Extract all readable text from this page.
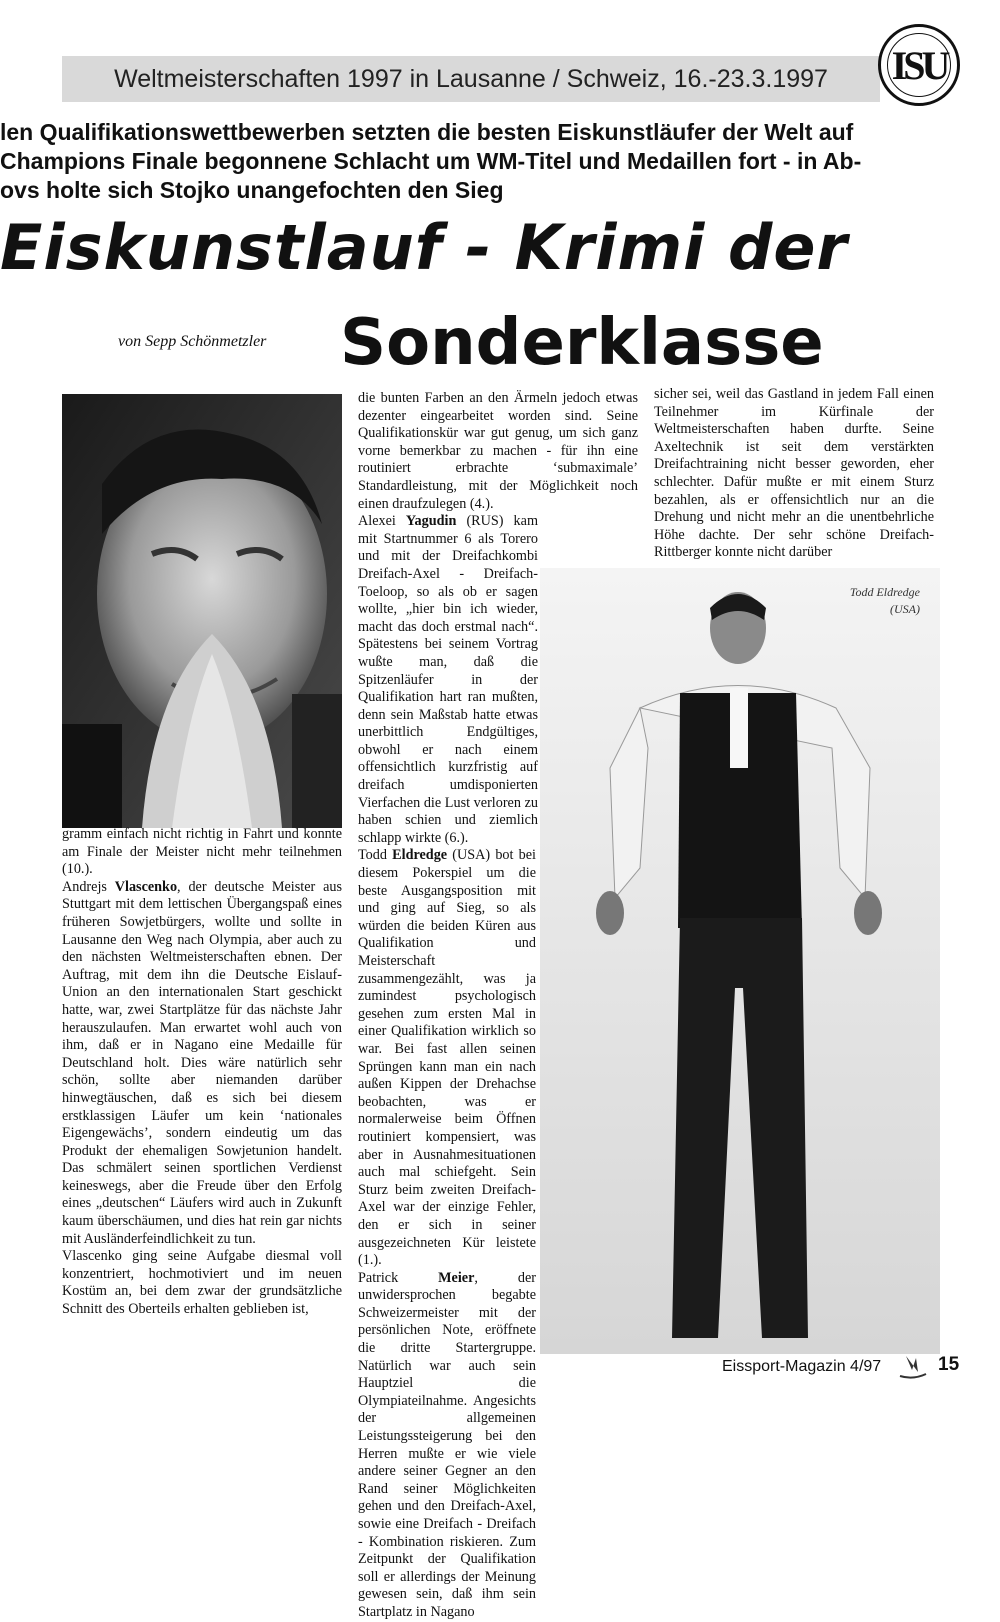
Weltmeisterschaften 1997 in Lausanne / Schweiz, 16.-23.3.1997	ISU
len Qualifikationswettbewerben setzten die besten Eiskunstläufer der Welt auf
Champions Finale begonnene Schlacht um WM-Titel und Medaillen fort - in Ab-
ovs holte sich Stojko unangefochten den Sieg
Eiskunstlauf - Krimi der
Sonderklasse
von Sepp Schönmetzler
Todd Eldredge
(USA)

gramm einfach nicht richtig in Fahrt und konnte am Finale der Meister nicht mehr teilnehmen (10.).

Andrejs Vlascenko, der deutsche Meister aus Stuttgart mit dem lettischen Übergangspaß eines früheren Sowjetbürgers, wollte und sollte in Lausanne den Weg nach Olympia, aber auch zu den nächsten Weltmeisterschaften ebnen. Der Auftrag, mit dem ihn die Deutsche Eislauf-Union an den internationalen Start geschickt hatte, war, zwei Startplätze für das nächste Jahr herauszulaufen. Man erwartet wohl auch von ihm, daß er in Nagano eine Medaille für Deutschland holt. Dies wäre natürlich sehr schön, sollte aber niemanden darüber hinwegtäuschen, daß es sich bei diesem erstklassigen Läufer um kein ‘nationales Eigengewächs’, sondern eindeutig um das Produkt der ehemaligen Sowjetunion handelt. Das schmälert seinen sportlichen Verdienst keineswegs, aber die Freude über den Erfolg eines „deutschen“ Läufers wird auch in Zukunft kaum überschäumen, und dies hat rein gar nichts mit Ausländerfeindlichkeit zu tun.

Vlascenko ging seine Aufgabe diesmal voll konzentriert, hochmotiviert und im neuen Kostüm an, bei dem zwar der grundsätzliche Schnitt des Oberteils erhalten geblieben ist,

die bunten Farben an den Ärmeln jedoch etwas dezenter eingearbeitet worden sind. Seine Qualifikationskür war gut genug, um sich ganz vorne bemerkbar zu machen - für ihn eine routiniert erbrachte ‘submaximale’ Standardleistung, mit der Möglichkeit noch einen draufzulegen (4.).

Alexei Yagudin (RUS) kam mit Startnummer 6 als Torero und mit der Dreifachkombi Dreifach-Axel - Dreifach-Toeloop, so als ob er sagen wollte, „hier bin ich wieder, macht das doch erstmal nach“. Spätestens bei seinem Vortrag wußte man, daß die Spitzenläufer in der Qualifikation hart ran mußten, denn sein Maßstab hatte etwas unerbittlich Endgültiges, obwohl er nach einem offensichtlich kurzfristig auf dreifach umdisponierten Vierfachen die Lust verloren zu haben schien und ziemlich schlapp wirkte (6.).

Todd Eldredge (USA) bot bei diesem Pokerspiel um die beste Ausgangsposition mit und ging auf Sieg, so als würden die beiden Küren aus Qualifikation und Meisterschaft zusammengezählt, was ja zumindest psychologisch gesehen zum ersten Mal in einer Qualifikation wirklich so war. Bei fast allen seinen Sprüngen kann man ein nach außen Kippen der Drehachse beobachten, was er normalerweise beim Öffnen routiniert kompensiert, was aber in Ausnahmesituationen auch mal schiefgeht. Sein Sturz beim zweiten Dreifach-Axel war der einzige Fehler, den er sich in seiner ausgezeichneten Kür leistete (1.).

Patrick Meier, der unwidersprochen begabte Schweizermeister mit der persönlichen Note, eröffnete die dritte Startergruppe. Natürlich war auch sein Hauptziel die Olympiateilnahme. Angesichts der allgemeinen Leistungssteigerung bei den Herren mußte er wie viele andere seiner Gegner an den Rand seiner Möglichkeiten gehen und den Dreifach-Axel, sowie eine Dreifach - Dreifach - Kombination riskieren. Zum Zeitpunkt der Qualifikation soll er allerdings der Meinung gewesen sein, daß ihm sein Startplatz in Nagano

sicher sei, weil das Gastland in jedem Fall einen Teilnehmer im Kürfinale der Weltmeisterschaften haben durfte. Seine Axeltechnik ist seit dem verstärkten Dreifachtraining nicht besser geworden, eher schlechter. Dafür mußte er mit einem Sturz bezahlen, als er offensichtlich nur an die Drehung und nicht mehr an die unentbehrliche Höhe dachte. Der sehr schöne Dreifach-Rittberger konnte nicht darüber

Eissport-Magazin 4/97	15
